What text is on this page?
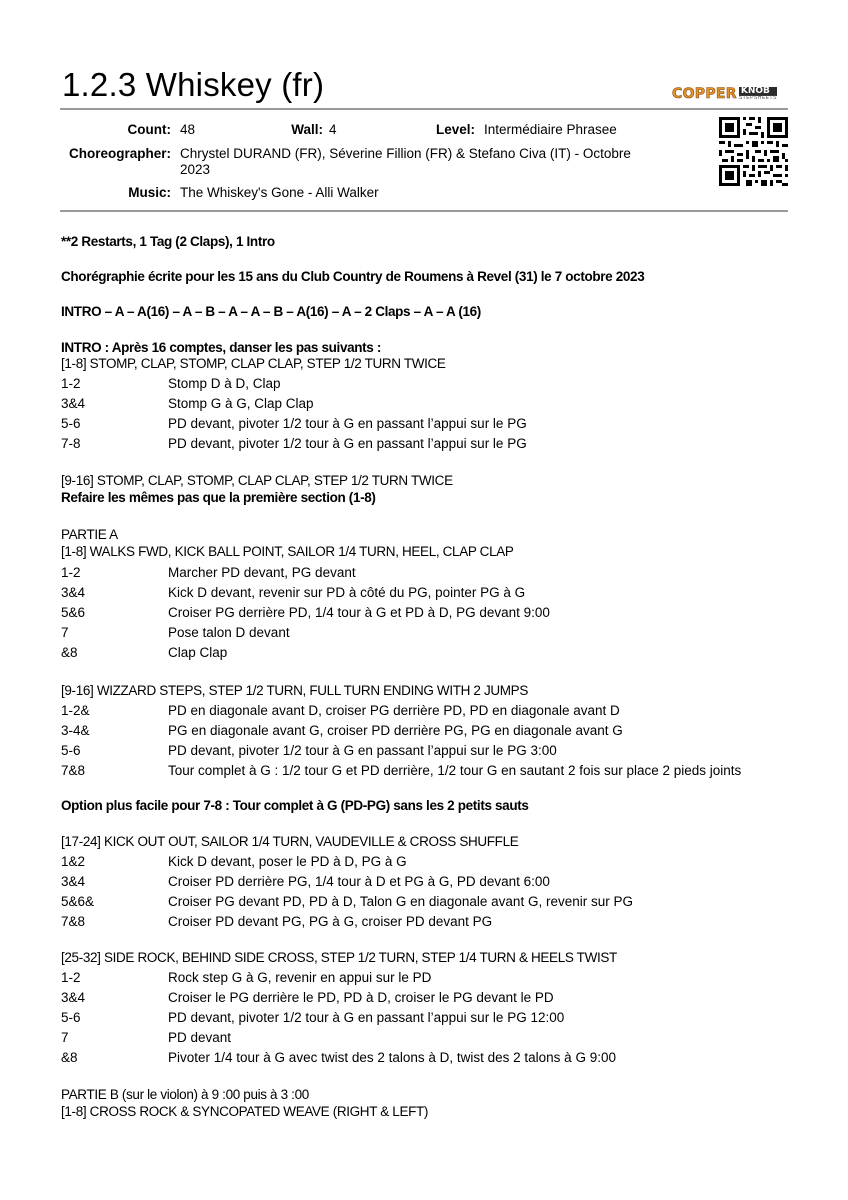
1.2.3 Whiskey (fr)	COPPER KNOB
STEPSHEETS
Count: 48	Wall: 4	Level: Intermédiaire Phrasee
Choreographer: Chrystel DURAND (FR), Séverine Fillion (FR) & Stefano Civa (IT) - Octobre
2023
Music: The Whiskey's Gone - Alli Walker
**2 Restarts, 1 Tag (2 Claps), 1 Intro
Chorégraphie écrite pour les 15 ans du Club Country de Roumens à Revel (31) le 7 octobre 2023
INTRO – A – A(16) – A – B – A – A – B – A(16) – A – 2 Claps – A – A (16)
INTRO : Après 16 comptes, danser les pas suivants :
[1-8] STOMP, CLAP, STOMP, CLAP CLAP, STEP 1/2 TURN TWICE
1-2	Stomp D à D, Clap
3&4	Stomp G à G, Clap Clap
5-6	PD devant, pivoter 1/2 tour à G en passant l’appui sur le PG
7-8	PD devant, pivoter 1/2 tour à G en passant l’appui sur le PG
[9-16] STOMP, CLAP, STOMP, CLAP CLAP, STEP 1/2 TURN TWICE
Refaire les mêmes pas que la première section (1-8)
PARTIE A
[1-8] WALKS FWD, KICK BALL POINT, SAILOR 1/4 TURN, HEEL, CLAP CLAP
1-2	Marcher PD devant, PG devant
3&4	Kick D devant, revenir sur PD à côté du PG, pointer PG à G
5&6	Croiser PG derrière PD, 1/4 tour à G et PD à D, PG devant 9:00
7	Pose talon D devant
&8	Clap Clap
[9-16] WIZZARD STEPS, STEP 1/2 TURN, FULL TURN ENDING WITH 2 JUMPS
1-2&	PD en diagonale avant D, croiser PG derrière PD, PD en diagonale avant D
3-4&	PG en diagonale avant G, croiser PD derrière PG, PG en diagonale avant G
5-6	PD devant, pivoter 1/2 tour à G en passant l’appui sur le PG 3:00
7&8	Tour complet à G : 1/2 tour G et PD derrière, 1/2 tour G en sautant 2 fois sur place 2 pieds joints
Option plus facile pour 7-8 : Tour complet à G (PD-PG) sans les 2 petits sauts
[17-24] KICK OUT OUT, SAILOR 1/4 TURN, VAUDEVILLE & CROSS SHUFFLE
1&2	Kick D devant, poser le PD à D, PG à G
3&4	Croiser PD derrière PG, 1/4 tour à D et PG à G, PD devant 6:00
5&6&	Croiser PG devant PD, PD à D, Talon G en diagonale avant G, revenir sur PG
7&8	Croiser PD devant PG, PG à G, croiser PD devant PG
[25-32] SIDE ROCK, BEHIND SIDE CROSS, STEP 1/2 TURN, STEP 1/4 TURN & HEELS TWIST
1-2	Rock step G à G, revenir en appui sur le PD
3&4	Croiser le PG derrière le PD, PD à D, croiser le PG devant le PD
5-6	PD devant, pivoter 1/2 tour à G en passant l’appui sur le PG 12:00
7	PD devant
&8	Pivoter 1/4 tour à G avec twist des 2 talons à D, twist des 2 talons à G 9:00
PARTIE B (sur le violon) à 9 :00 puis à 3 :00
[1-8] CROSS ROCK & SYNCOPATED WEAVE (RIGHT & LEFT)
